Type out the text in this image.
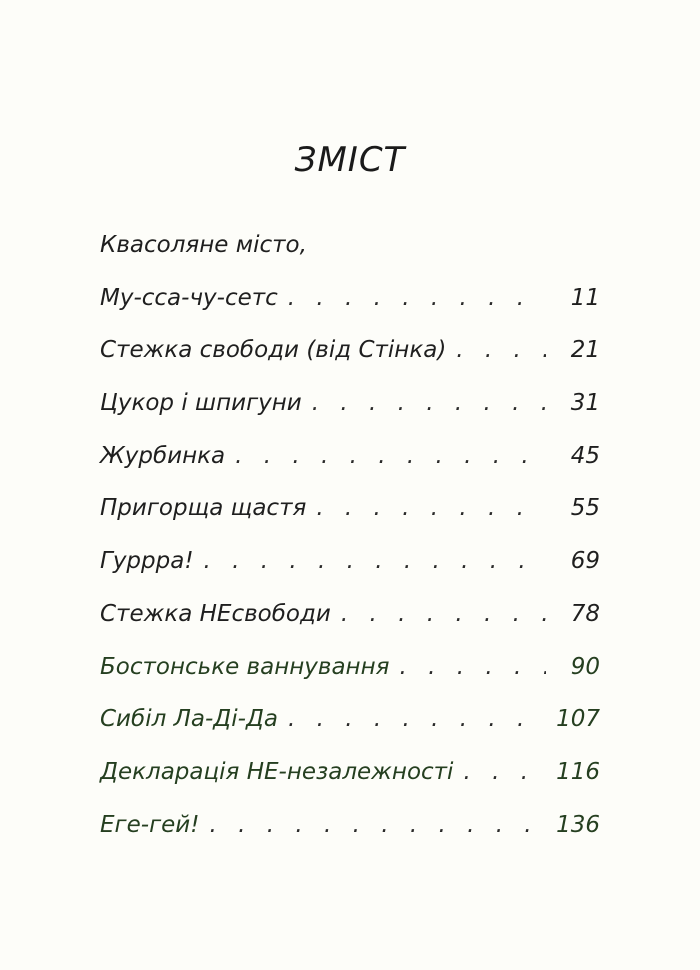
ЗМІСТ
Квасоляне місто,
Му-сса-чу-сетс . . .	11
Стежка свободи (від Стінка) . . .	21
Цукор і шпигуни . . .	31
Журбинка . . .	45
Пригорща щастя . . .	55
Гуррра! . . .	69
Стежка НЕсвободи . . .	78
Бостонське ваннування . . .	90
Сибіл Ла-Ді-Да . . .	107
Декларація НЕ-незалежності . . .	116
Еге-гей! . . .	136
